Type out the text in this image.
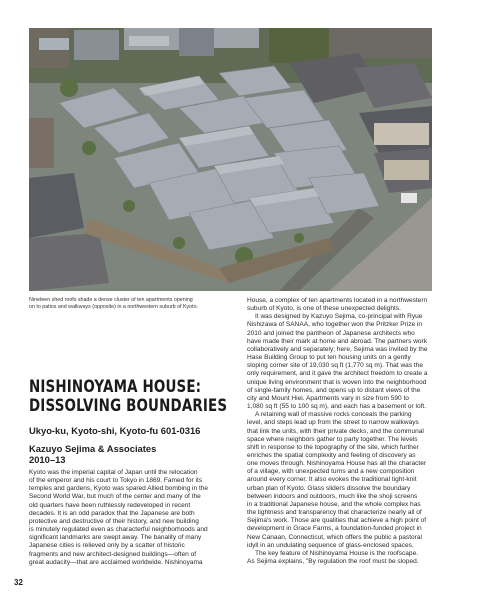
Nineteen shed roofs shade a dense cluster of ten apartments opening
on to patios and walkways (opposite) in a northwestern suburb of Kyoto.
NISHINOYAMA HOUSE:
DISSOLVING BOUNDARIES
Ukyo-ku, Kyoto-shi, Kyoto-fu 601-0316
Kazuyo Sejima & Associates
2010–13

Kyoto was the imperial capital of Japan until the relocation
of the emperor and his court to Tokyo in 1869. Famed for its
temples and gardens, Kyoto was spared Allied bombing in the
Second World War, but much of the center and many of the
old quarters have been ruthlessly redeveloped in recent
decades. It is an odd paradox that the Japanese are both
protective and destructive of their history, and new building
is minutely regulated even as characterful neighborhoods and
significant landmarks are swept away. The banality of many
Japanese cities is relieved only by a scatter of historic
fragments and new architect-designed buildings—often of
great audacity—that are acclaimed worldwide. Nishinoyama

House, a complex of ten apartments located in a northwestern
suburb of Kyoto, is one of these unexpected delights.

It was designed by Kazuyo Sejima, co-principal with Ryue
Nishizawa of SANAA, who together won the Pritzker Prize in
2010 and joined the pantheon of Japanese architects who
have made their mark at home and abroad. The partners work
collaboratively and separately; here, Sejima was invited by the
Hase Building Group to put ten housing units on a gently
sloping corner site of 19,030 sq ft (1,770 sq m). That was the
only requirement, and it gave the architect freedom to create a
unique living environment that is woven into the neighborhood
of single-family homes, and opens up to distant views of the
city and Mount Hiei. Apartments vary in size from 590 to
1,080 sq ft (55 to 100 sq m), and each has a basement or loft.

A retaining wall of massive rocks conceals the parking
level, and steps lead up from the street to narrow walkways
that link the units, with their private decks, and the communal
space where neighbors gather to party together. The levels
shift in response to the topography of the site, which further
enriches the spatial complexity and feeling of discovery as
one moves through. Nishinoyama House has all the character
of a village, with unexpected turns and a new composition
around every corner. It also evokes the traditional tight-knit
urban plan of Kyoto. Glass sliders dissolve the boundary
between indoors and outdoors, much like the shoji screens
in a traditional Japanese house, and the whole complex has
the lightness and transparency that characterize nearly all of
Sejima's work. Those are qualities that achieve a high point of
development in Grace Farms, a foundation-funded project in
New Canaan, Connecticut, which offers the public a pastoral
idyll in an undulating sequence of glass-enclosed spaces.

The key feature of Nishinoyama House is the roofscape.
As Sejima explains, "By regulation the roof must be sloped.

32
